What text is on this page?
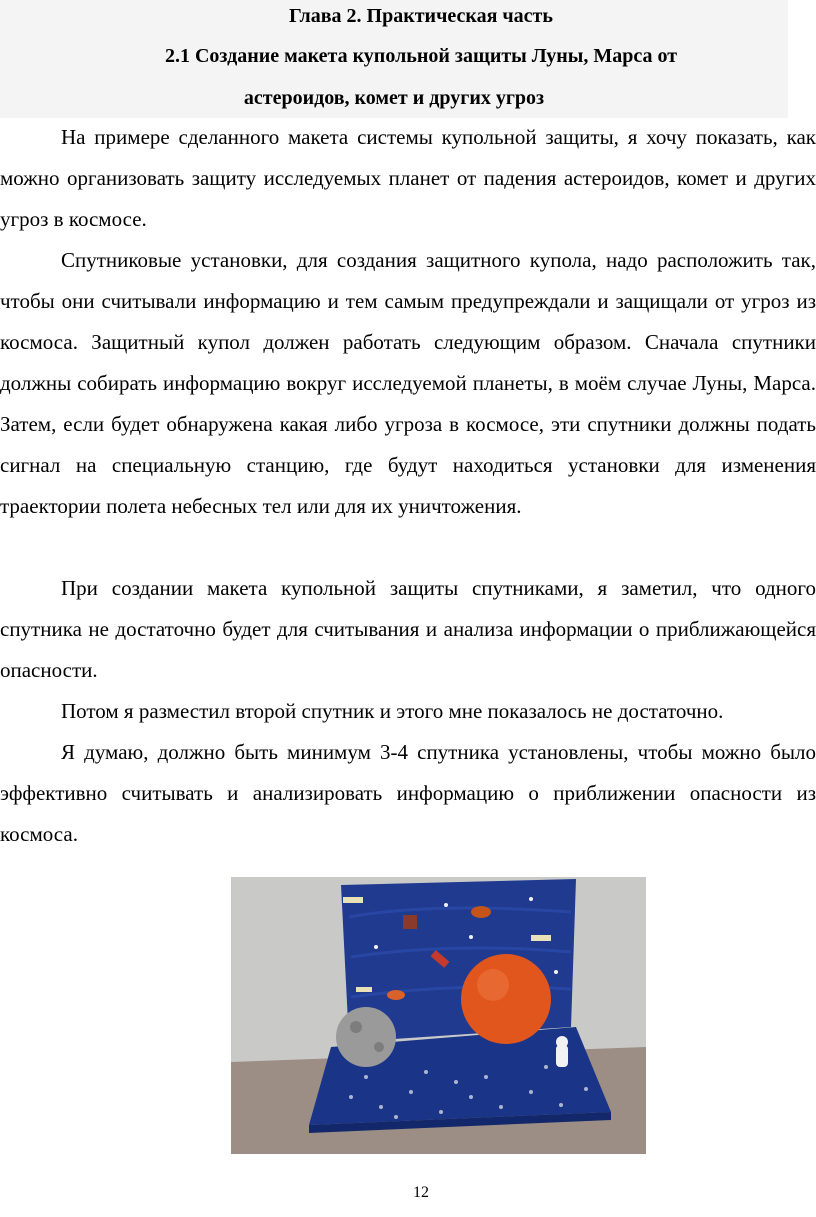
Глава 2. Практическая часть
2.1 Создание макета купольной защиты Луны, Марса от
астероидов, комет и других угроз

На примере сделанного макета системы купольной защиты, я хочу показать, как можно организовать защиту исследуемых планет от падения астероидов, комет и других угроз в космосе.

Спутниковые установки, для создания защитного купола, надо расположить так, чтобы они считывали информацию и тем самым предупреждали и защищали от угроз из космоса. Защитный купол должен работать следующим образом. Сначала спутники должны собирать информацию вокруг исследуемой планеты, в моём случае Луны, Марса. Затем, если будет обнаружена какая либо угроза в космосе, эти спутники должны подать сигнал на специальную станцию, где будут находиться установки для изменения траектории полета небесных тел или для их уничтожения.

При создании макета купольной защиты спутниками, я заметил, что одного спутника не достаточно будет для считывания и анализа информации о приближающейся опасности.

Потом я разместил второй спутник и этого мне показалось не достаточно.

Я думаю, должно быть минимум 3-4 спутника установлены, чтобы можно было эффективно считывать и анализировать информацию о приближении опасности из космоса.

12
